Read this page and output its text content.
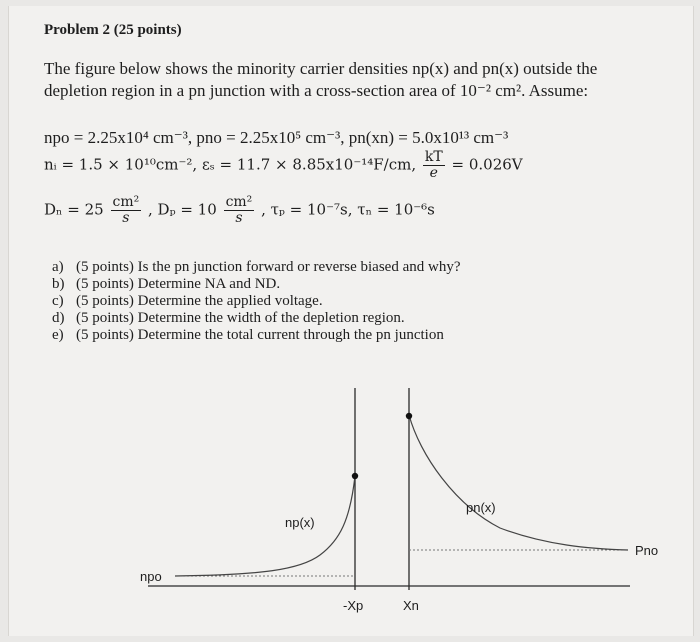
Problem 2 (25 points)
The figure below shows the minority carrier densities np(x) and pn(x) outside the depletion region in a pn junction with a cross-section area of 10⁻² cm². Assume:
npo = 2.25x10⁴ cm⁻³, pno = 2.25x10⁵ cm⁻³, pn(xn) = 5.0x10¹³ cm⁻³
nᵢ = 1.5 × 10¹⁰cm⁻², εₛ = 11.7 × 8.85x10⁻¹⁴F/cm, $\frac{kT}{e} = 0.026V$
$D_n = 25 \frac{\text{cm²}}{s}$ , $D_p = 10 \frac{\text{cm²}}{s}$ , τₚ = 10⁻⁷s, τₙ = 10⁻⁶s
a) (5 points) Is the pn junction forward or reverse biased and why?
b) (5 points) Determine NA and ND.
c) (5 points) Determine the applied voltage.
d) (5 points) Determine the width of the depletion region.
e) (5 points) Determine the total current through the pn junction
np(x)
pn(x)
npo
Pno
-Xp	Xn
